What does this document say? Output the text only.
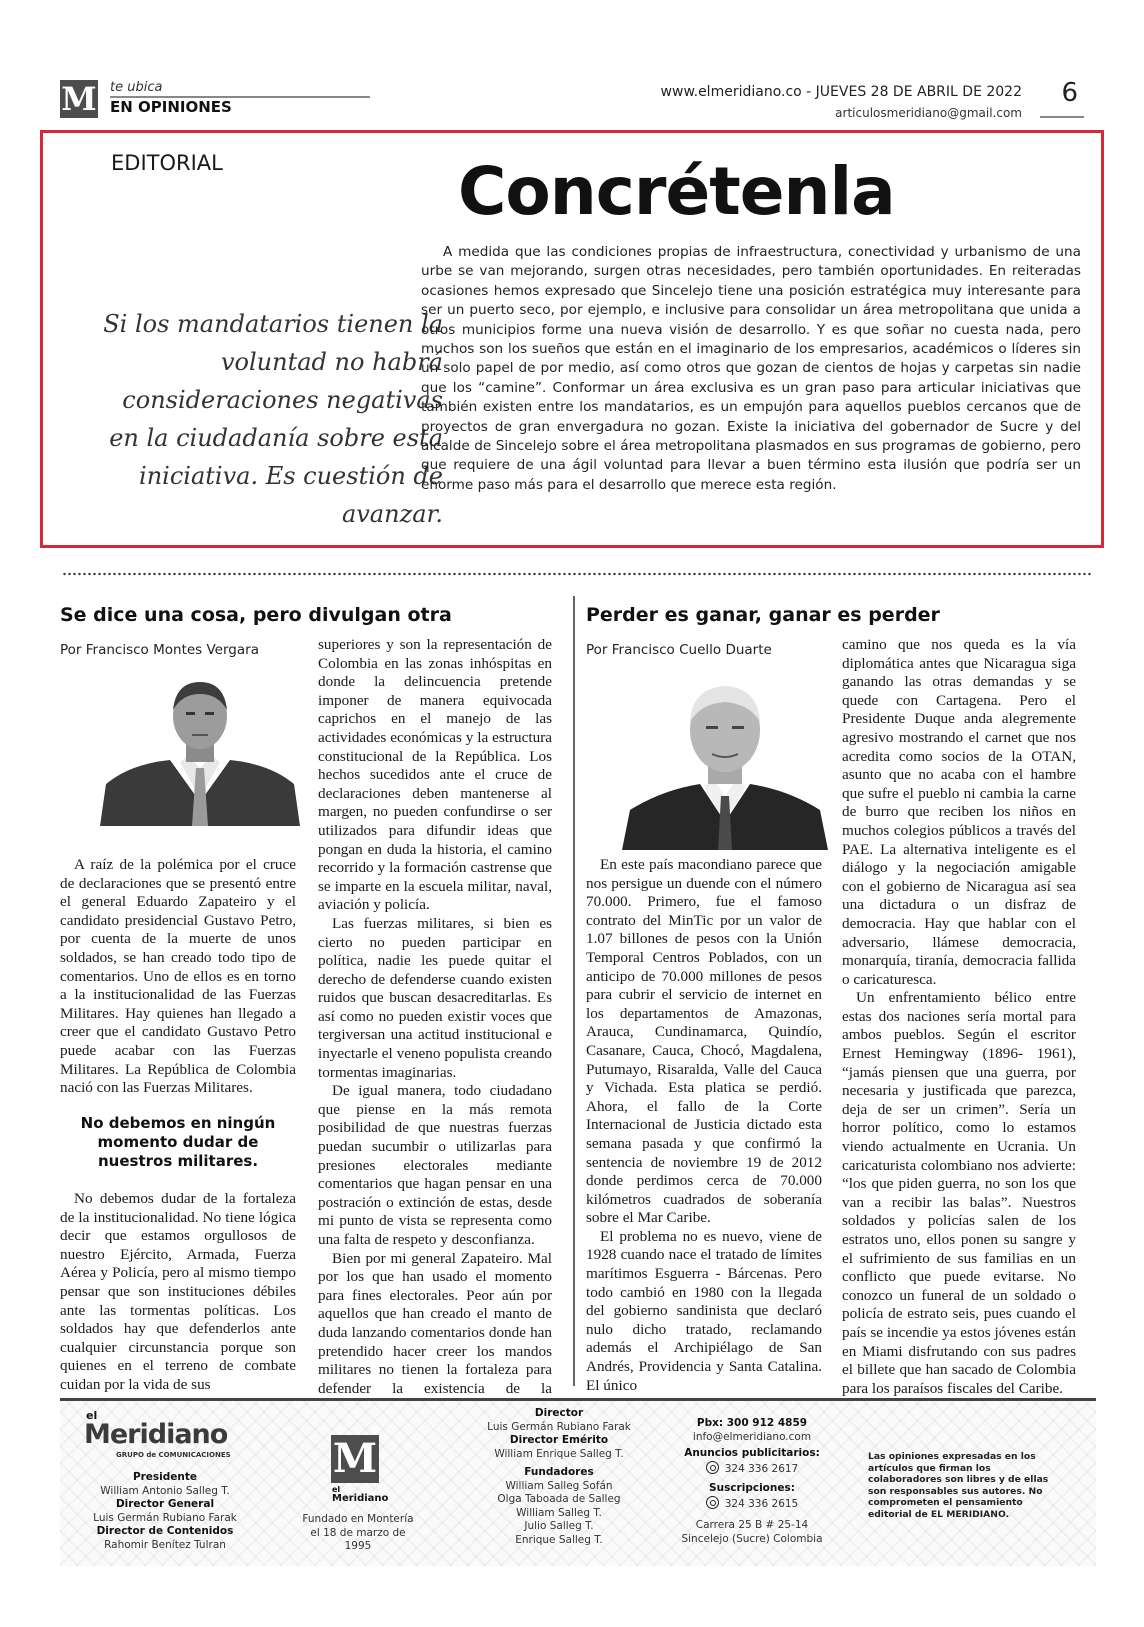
M te ubica
EN OPINIONES
www.elmeridiano.co - JUEVES 28 DE ABRIL DE 2022
articulosmeridiano@gmail.com
6
EDITORIAL	Concrétenla
Si los mandatarios tienen la voluntad no habrá consideraciones negativas en la ciudadanía sobre esta iniciativa. Es cuestión de avanzar.
A medida que las condiciones propias de infraestructura, conectividad y urbanismo de una urbe se van mejorando, surgen otras necesidades, pero también oportunidades. En reiteradas ocasiones hemos expresado que Sincelejo tiene una posición estratégica muy interesante para ser un puerto seco, por ejemplo, e inclusive para consolidar un área metropolitana que unida a otros municipios forme una nueva visión de desarrollo. Y es que soñar no cuesta nada, pero muchos son los sueños que están en el imaginario de los empresarios, académicos o líderes sin un solo papel de por medio, así como otros que gozan de cientos de hojas y carpetas sin nadie que los “camine”. Conformar un área exclusiva es un gran paso para articular iniciativas que también existen entre los mandatarios, es un empujón para aquellos pueblos cercanos que de proyectos de gran envergadura no gozan. Existe la iniciativa del gobernador de Sucre y del alcalde de Sincelejo sobre el área metropolitana plasmados en sus programas de gobierno, pero que requiere de una ágil voluntad para llevar a buen término esta ilusión que podría ser un enorme paso más para el desarrollo que merece esta región.
Se dice una cosa, pero divulgan otra
Por Francisco Montes Vergara

A raíz de la polémica por el cruce de declaraciones que se presentó entre el general Eduardo Zapateiro y el candidato presidencial Gustavo Petro, por cuenta de la muerte de unos soldados, se han creado todo tipo de comentarios. Uno de ellos es en torno a la institucionalidad de las Fuerzas Militares. Hay quienes han llegado a creer que el candidato Gustavo Petro puede acabar con las Fuerzas Militares. La República de Colombia nació con las Fuerzas Militares.

No debemos en ningún momento dudar de nuestros militares.

No debemos dudar de la fortaleza de la institucionalidad. No tiene lógica decir que estamos orgullosos de nuestro Ejército, Armada, Fuerza Aérea y Policía, pero al mismo tiempo pensar que son instituciones débiles ante las tormentas políticas. Los soldados hay que defenderlos ante cualquier circunstancia porque son quienes en el terreno de combate cuidan por la vida de sus

superiores y son la representación de Colombia en las zonas inhóspitas en donde la delincuencia pretende imponer de manera equivocada caprichos en el manejo de las actividades económicas y la estructura constitucional de la República. Los hechos sucedidos ante el cruce de declaraciones deben mantenerse al margen, no pueden confundirse o ser utilizados para difundir ideas que pongan en duda la historia, el camino recorrido y la formación castrense que se imparte en la escuela militar, naval, aviación y policía.

Las fuerzas militares, si bien es cierto no pueden participar en política, nadie les puede quitar el derecho de defenderse cuando existen ruidos que buscan desacreditarlas. Es así como no pueden existir voces que tergiversan una actitud institucional e inyectarle el veneno populista creando tormentas imaginarias.

De igual manera, todo ciudadano que piense en la más remota posibilidad de que nuestras fuerzas puedan sucumbir o utilizarlas para presiones electorales mediante comentarios que hagan pensar en una postración o extinción de estas, desde mi punto de vista se representa como una falta de respeto y desconfianza.

Bien por mi general Zapateiro. Mal por los que han usado el momento para fines electorales. Peor aún por aquellos que han creado el manto de duda lanzando comentarios donde han pretendido hacer creer los mandos militares no tienen la fortaleza para defender la existencia de la

Perder es ganar, ganar es perder
Por Francisco Cuello Duarte

En este país macondiano parece que nos persigue un duende con el número 70.000. Primero, fue el famoso contrato del MinTic por un valor de 1.07 billones de pesos con la Unión Temporal Centros Poblados, con un anticipo de 70.000 millones de pesos para cubrir el servicio de internet en los departamentos de Amazonas, Arauca, Cundinamarca, Quindío, Casanare, Cauca, Chocó, Magdalena, Putumayo, Risaralda, Valle del Cauca y Vichada. Esta platica se perdió. Ahora, el fallo de la Corte Internacional de Justicia dictado esta semana pasada y que confirmó la sentencia de noviembre 19 de 2012 donde perdimos cerca de 70.000 kilómetros cuadrados de soberanía sobre el Mar Caribe.

El problema no es nuevo, viene de 1928 cuando nace el tratado de límites marítimos Esguerra - Bárcenas. Pero todo cambió en 1980 con la llegada del gobierno sandinista que declaró nulo dicho tratado, reclamando además el Archipiélago de San Andrés, Providencia y Santa Catalina. El único

camino que nos queda es la vía diplomática antes que Nicaragua siga ganando las otras demandas y se quede con Cartagena. Pero el Presidente Duque anda alegremente agresivo mostrando el carnet que nos acredita como socios de la OTAN, asunto que no acaba con el hambre que sufre el pueblo ni cambia la carne de burro que reciben los niños en muchos colegios públicos a través del PAE. La alternativa inteligente es el diálogo y la negociación amigable con el gobierno de Nicaragua así sea una dictadura o un disfraz de democracia. Hay que hablar con el adversario, llámese democracia, monarquía, tiranía, democracia fallida o caricaturesca.

Un enfrentamiento bélico entre estas dos naciones sería mortal para ambos pueblos. Según el escritor Ernest Hemingway (1896- 1961), “jamás piensen que una guerra, por necesaria y justificada que parezca, deja de ser un crimen”. Sería un horror político, como lo estamos viendo actualmente en Ucrania. Un caricaturista colombiano nos advierte: “los que piden guerra, no son los que van a recibir las balas”. Nuestros soldados y policías salen de los estratos uno, ellos ponen su sangre y el sufrimiento de sus familias en un conflicto que puede evitarse. No conozco un funeral de un soldado o policía de estrato seis, pues cuando el país se incendie ya estos jóvenes están en Miami disfrutando con sus padres el billete que han sacado de Colombia para los paraísos fiscales del Caribe.

el
Meridiano
GRUPO de COMUNICACIONES
Presidente
William Antonio Salleg T.
Director General
Luis Germán Rubiano Farak
Director de Contenidos
Rahomir Benítez Tulran
M
el
Meridiano
Fundado en Montería
el 18 de marzo de 1995
Director
Luis Germán Rubiano Farak
Director Emérito
William Enrique Salleg T.
Fundadores
William Salleg Sofán
Olga Taboada de Salleg
William Salleg T.
Julio Salleg T.
Enrique Salleg T.
Pbx: 300 912 4859
info@elmeridiano.com
Anuncios publicitarios:
324 336 2617
Suscripciones:
324 336 2615
Carrera 25 B # 25-14
Sincelejo (Sucre) Colombia
Las opiniones expresadas en los artículos que firman los colaboradores son libres y de ellas son responsables sus autores. No comprometen el pensamiento editorial de EL MERIDIANO.
